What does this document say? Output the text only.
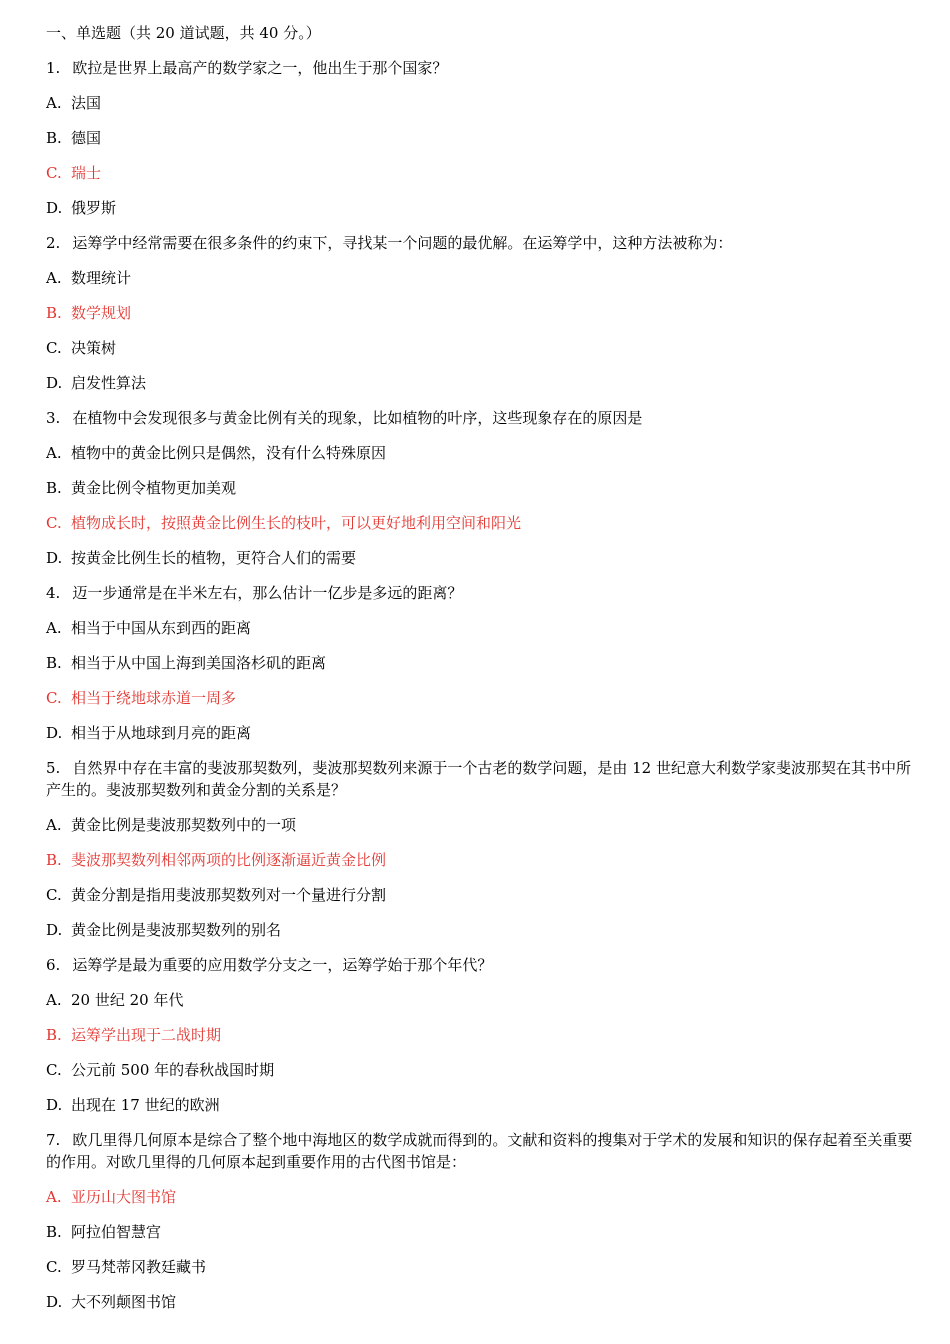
一、单选题（共 20 道试题，共 40 分。）
1. 欧拉是世界上最高产的数学家之一，他出生于那个国家？
A. 法国
B. 德国
C. 瑞士
D. 俄罗斯
2. 运筹学中经常需要在很多条件的约束下，寻找某一个问题的最优解。在运筹学中，这种方法被称为：
A. 数理统计
B. 数学规划
C. 决策树
D. 启发性算法
3. 在植物中会发现很多与黄金比例有关的现象，比如植物的叶序，这些现象存在的原因是
A. 植物中的黄金比例只是偶然，没有什么特殊原因
B. 黄金比例令植物更加美观
C. 植物成长时，按照黄金比例生长的枝叶，可以更好地利用空间和阳光
D. 按黄金比例生长的植物，更符合人们的需要
4. 迈一步通常是在半米左右，那么估计一亿步是多远的距离？
A. 相当于中国从东到西的距离
B. 相当于从中国上海到美国洛杉矶的距离
C. 相当于绕地球赤道一周多
D. 相当于从地球到月亮的距离
5. 自然界中存在丰富的斐波那契数列，斐波那契数列来源于一个古老的数学问题，是由 12 世纪意大利数学家斐波那契在其书中所产生的。斐波那契数列和黄金分割的关系是？
A. 黄金比例是斐波那契数列中的一项
B. 斐波那契数列相邻两项的比例逐渐逼近黄金比例
C. 黄金分割是指用斐波那契数列对一个量进行分割
D. 黄金比例是斐波那契数列的别名
6. 运筹学是最为重要的应用数学分支之一，运筹学始于那个年代？
A. 20 世纪 20 年代
B. 运筹学出现于二战时期
C. 公元前 500 年的春秋战国时期
D. 出现在 17 世纪的欧洲
7. 欧几里得几何原本是综合了整个地中海地区的数学成就而得到的。文献和资料的搜集对于学术的发展和知识的保存起着至关重要的作用。对欧几里得的几何原本起到重要作用的古代图书馆是：
A. 亚历山大图书馆
B. 阿拉伯智慧宫
C. 罗马梵蒂冈教廷藏书
D. 大不列颠图书馆
